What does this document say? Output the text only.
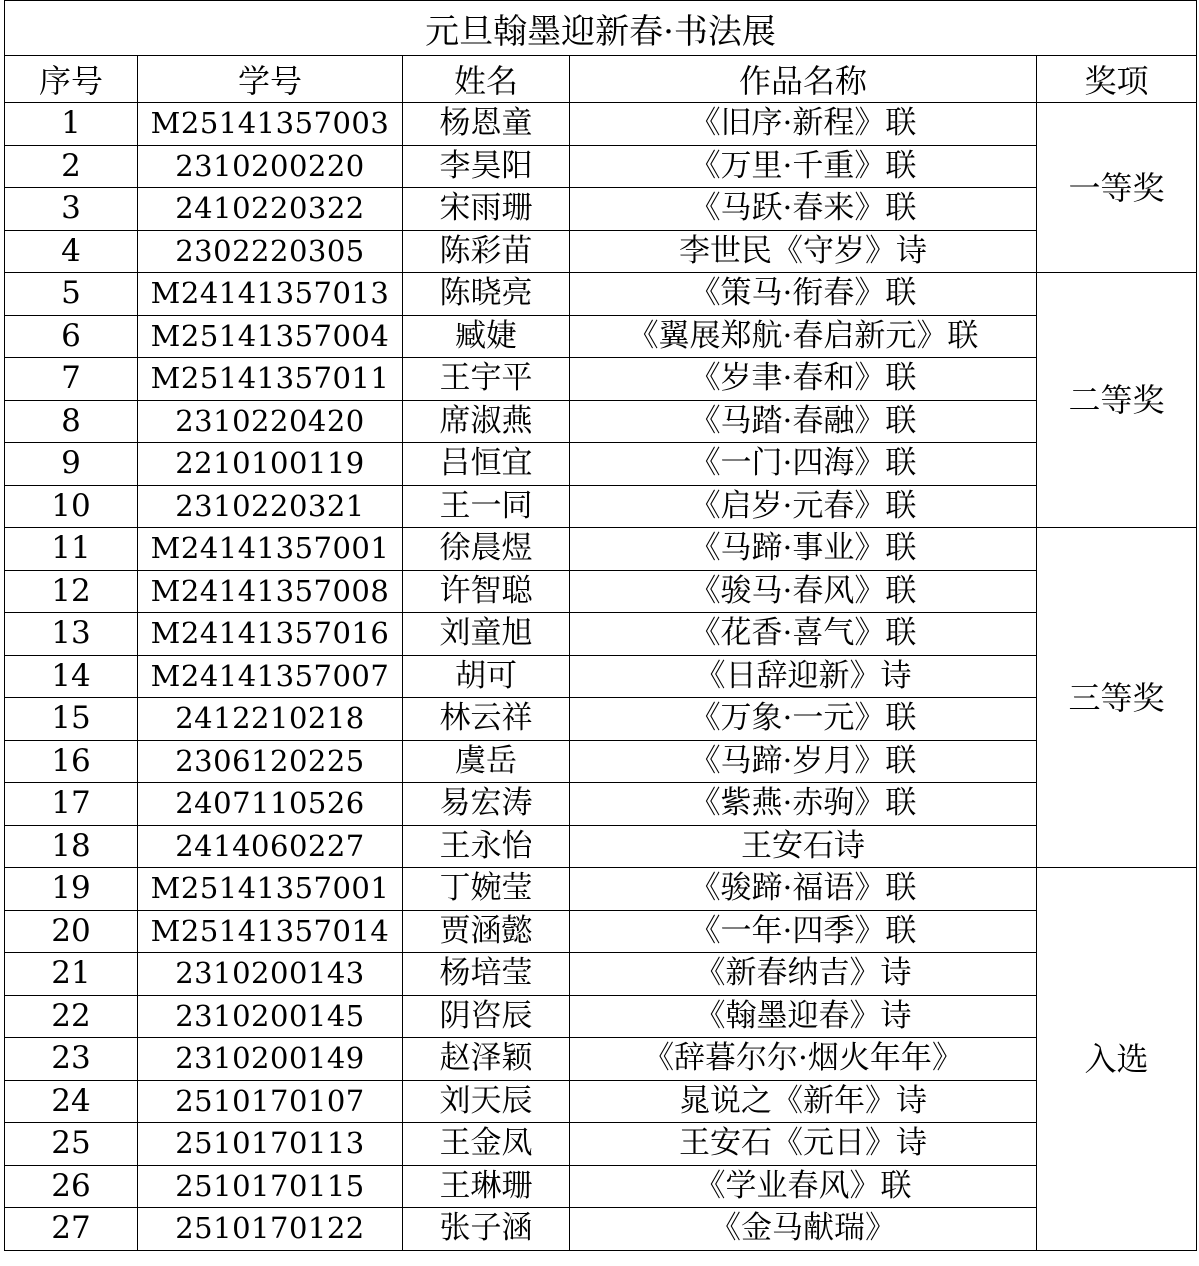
元旦翰墨迎新春·书法展				
序号	学号	姓名	作品名称	奖项
1	M25141357003	杨恩童	《旧序·新程》联	一等奖
2	2310200220	李昊阳	《万里·千重》联	
3	2410220322	宋雨珊	《马跃·春来》联	
4	2302220305	陈彩苗	李世民《守岁》诗	
5	M24141357013	陈晓亮	《策马·衔春》联	二等奖
6	M25141357004	臧婕	《翼展郑航·春启新元》联	
7	M25141357011	王宇平	《岁聿·春和》联	
8	2310220420	席淑燕	《马踏·春融》联	
9	2210100119	吕恒宜	《一门·四海》联	
10	2310220321	王一同	《启岁·元春》联	
11	M24141357001	徐晨煜	《马蹄·事业》联	三等奖
12	M24141357008	许智聪	《骏马·春风》联	
13	M24141357016	刘童旭	《花香·喜气》联	
14	M24141357007	胡可	《日辞迎新》诗	
15	2412210218	林云祥	《万象·一元》联	
16	2306120225	虞岳	《马蹄·岁月》联	
17	2407110526	易宏涛	《紫燕·赤驹》联	
18	2414060227	王永怡	王安石诗	
19	M25141357001	丁婉莹	《骏蹄·福语》联	入选
20	M25141357014	贾涵懿	《一年·四季》联	
21	2310200143	杨培莹	《新春纳吉》诗	
22	2310200145	阴咨辰	《翰墨迎春》诗	
23	2310200149	赵泽颖	《辞暮尔尔·烟火年年》	
24	2510170107	刘天辰	晁说之《新年》诗	
25	2510170113	王金凤	王安石《元日》诗	
26	2510170115	王琳珊	《学业春风》联	
27	2510170122	张子涵	《金马献瑞》	
